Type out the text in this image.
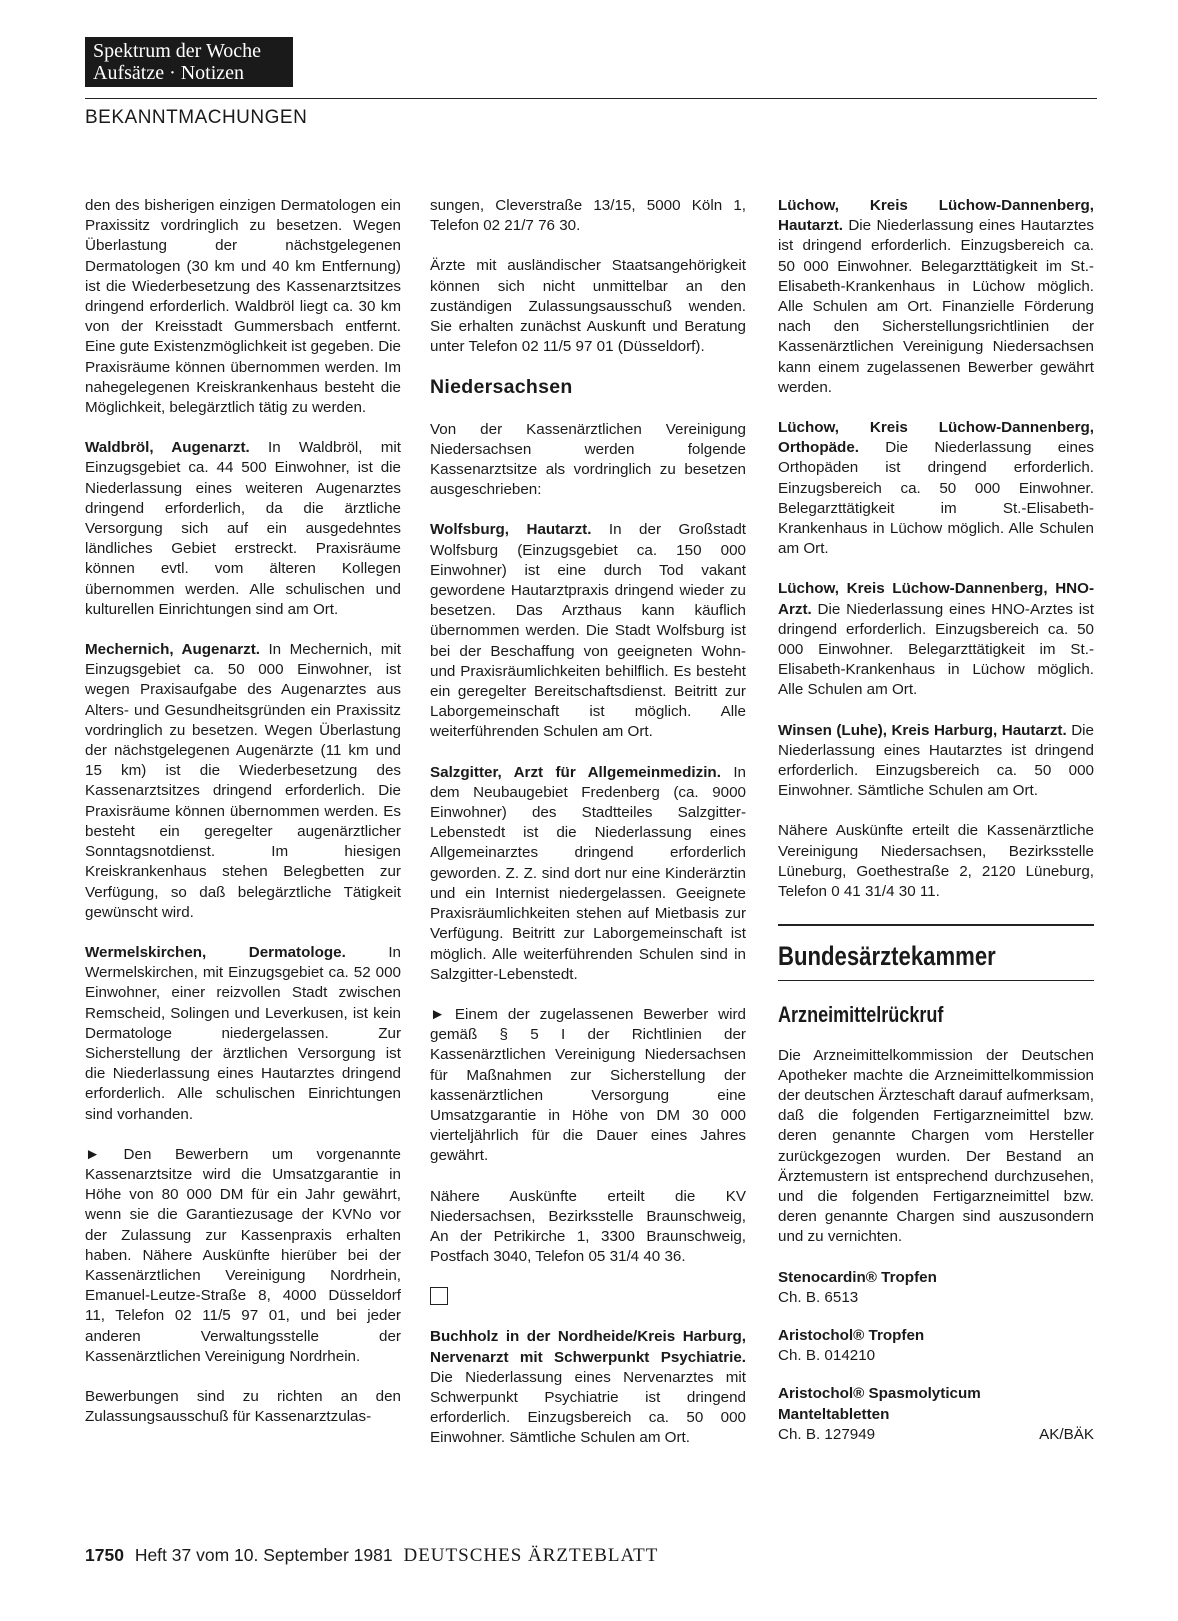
Spektrum der Woche
Aufsätze · Notizen
BEKANNTMACHUNGEN

den des bisherigen einzigen Dermatologen ein Praxissitz vordringlich zu besetzen. Wegen Überlastung der nächstgelegenen Dermatologen (30 km und 40 km Entfernung) ist die Wiederbesetzung des Kassenarztsitzes dringend erforderlich. Waldbröl liegt ca. 30 km von der Kreisstadt Gummersbach entfernt. Eine gute Existenzmöglichkeit ist gegeben. Die Praxisräume können übernommen werden. Im nahegelegenen Kreiskrankenhaus besteht die Möglichkeit, belegärztlich tätig zu werden.

Waldbröl, Augenarzt. In Waldbröl, mit Einzugsgebiet ca. 44 500 Einwohner, ist die Niederlassung eines weiteren Augenarztes dringend erforderlich, da die ärztliche Versorgung sich auf ein ausgedehntes ländliches Gebiet erstreckt. Praxisräume können evtl. vom älteren Kollegen übernommen werden. Alle schulischen und kulturellen Einrichtungen sind am Ort.

Mechernich, Augenarzt. In Mechernich, mit Einzugsgebiet ca. 50 000 Einwohner, ist wegen Praxisaufgabe des Augenarztes aus Alters- und Gesundheitsgründen ein Praxissitz vordringlich zu besetzen. Wegen Überlastung der nächstgelegenen Augenärzte (11 km und 15 km) ist die Wiederbesetzung des Kassenarztsitzes dringend erforderlich. Die Praxisräume können übernommen werden. Es besteht ein geregelter augenärztlicher Sonntagsnotdienst. Im hiesigen Kreiskrankenhaus stehen Belegbetten zur Verfügung, so daß belegärztliche Tätigkeit gewünscht wird.

Wermelskirchen, Dermatologe. In Wermelskirchen, mit Einzugsgebiet ca. 52 000 Einwohner, einer reizvollen Stadt zwischen Remscheid, Solingen und Leverkusen, ist kein Dermatologe niedergelassen. Zur Sicherstellung der ärztlichen Versorgung ist die Niederlassung eines Hautarztes dringend erforderlich. Alle schulischen Einrichtungen sind vorhanden.

► Den Bewerbern um vorgenannte Kassenarztsitze wird die Umsatzgarantie in Höhe von 80 000 DM für ein Jahr gewährt, wenn sie die Garantiezusage der KVNo vor der Zulassung zur Kassenpraxis erhalten haben. Nähere Auskünfte hierüber bei der Kassenärztlichen Vereinigung Nordrhein, Emanuel-Leutze-Straße 8, 4000 Düsseldorf 11, Telefon 02 11/5 97 01, und bei jeder anderen Verwaltungsstelle der Kassenärztlichen Vereinigung Nordrhein.

Bewerbungen sind zu richten an den Zulassungsausschuß für Kassenarztzulas-

sungen, Cleverstraße 13/15, 5000 Köln 1, Telefon 02 21/7 76 30.

Ärzte mit ausländischer Staatsangehörigkeit können sich nicht unmittelbar an den zuständigen Zulassungsausschuß wenden. Sie erhalten zunächst Auskunft und Beratung unter Telefon 02 11/5 97 01 (Düsseldorf).

Niedersachsen

Von der Kassenärztlichen Vereinigung Niedersachsen werden folgende Kassenarztsitze als vordringlich zu besetzen ausgeschrieben:

Wolfsburg, Hautarzt. In der Großstadt Wolfsburg (Einzugsgebiet ca. 150 000 Einwohner) ist eine durch Tod vakant gewordene Hautarztpraxis dringend wieder zu besetzen. Das Arzthaus kann käuflich übernommen werden. Die Stadt Wolfsburg ist bei der Beschaffung von geeigneten Wohn- und Praxisräumlichkeiten behilflich. Es besteht ein geregelter Bereitschaftsdienst. Beitritt zur Laborgemeinschaft ist möglich. Alle weiterführenden Schulen am Ort.

Salzgitter, Arzt für Allgemeinmedizin. In dem Neubaugebiet Fredenberg (ca. 9000 Einwohner) des Stadtteiles Salzgitter-Lebenstedt ist die Niederlassung eines Allgemeinarztes dringend erforderlich geworden. Z. Z. sind dort nur eine Kinderärztin und ein Internist niedergelassen. Geeignete Praxisräumlichkeiten stehen auf Mietbasis zur Verfügung. Beitritt zur Laborgemeinschaft ist möglich. Alle weiterführenden Schulen sind in Salzgitter-Lebenstedt.

► Einem der zugelassenen Bewerber wird gemäß § 5 I der Richtlinien der Kassenärztlichen Vereinigung Niedersachsen für Maßnahmen zur Sicherstellung der kassenärztlichen Versorgung eine Umsatzgarantie in Höhe von DM 30 000 vierteljährlich für die Dauer eines Jahres gewährt.

Nähere Auskünfte erteilt die KV Niedersachsen, Bezirksstelle Braunschweig, An der Petrikirche 1, 3300 Braunschweig, Postfach 3040, Telefon 05 31/4 40 36.

Buchholz in der Nordheide/Kreis Harburg, Nervenarzt mit Schwerpunkt Psychiatrie. Die Niederlassung eines Nervenarztes mit Schwerpunkt Psychiatrie ist dringend erforderlich. Einzugsbereich ca. 50 000 Einwohner. Sämtliche Schulen am Ort.

Lüchow, Kreis Lüchow-Dannenberg, Hautarzt. Die Niederlassung eines Hautarztes ist dringend erforderlich. Einzugsbereich ca. 50 000 Einwohner. Belegarzttätigkeit im St.-Elisabeth-Krankenhaus in Lüchow möglich. Alle Schulen am Ort. Finanzielle Förderung nach den Sicherstellungsrichtlinien der Kassenärztlichen Vereinigung Niedersachsen kann einem zugelassenen Bewerber gewährt werden.

Lüchow, Kreis Lüchow-Dannenberg, Orthopäde. Die Niederlassung eines Orthopäden ist dringend erforderlich. Einzugsbereich ca. 50 000 Einwohner. Belegarzttätigkeit im St.-Elisabeth-Krankenhaus in Lüchow möglich. Alle Schulen am Ort.

Lüchow, Kreis Lüchow-Dannenberg, HNO-Arzt. Die Niederlassung eines HNO-Arztes ist dringend erforderlich. Einzugsbereich ca. 50 000 Einwohner. Belegarzttätigkeit im St.-Elisabeth-Krankenhaus in Lüchow möglich. Alle Schulen am Ort.

Winsen (Luhe), Kreis Harburg, Hautarzt. Die Niederlassung eines Hautarztes ist dringend erforderlich. Einzugsbereich ca. 50 000 Einwohner. Sämtliche Schulen am Ort.

Nähere Auskünfte erteilt die Kassenärztliche Vereinigung Niedersachsen, Bezirksstelle Lüneburg, Goethestraße 2, 2120 Lüneburg, Telefon 0 41 31/4 30 11.

Bundesärztekammer
Arzneimittelrückruf

Die Arzneimittelkommission der Deutschen Apotheker machte die Arzneimittelkommission der deutschen Ärzteschaft darauf aufmerksam, daß die folgenden Fertigarzneimittel bzw. deren genannte Chargen vom Hersteller zurückgezogen wurden. Der Bestand an Ärztemustern ist entsprechend durchzusehen, und die folgenden Fertigarzneimittel bzw. deren genannte Chargen sind auszusondern und zu vernichten.

Stenocardin® Tropfen
Ch. B. 6513
Aristochol® Tropfen
Ch. B. 014210
Aristochol® Spasmolyticum Manteltabletten
Ch. B. 127949	AK/BÄK
1750 Heft 37 vom 10. September 1981 DEUTSCHES ÄRZTEBLATT
